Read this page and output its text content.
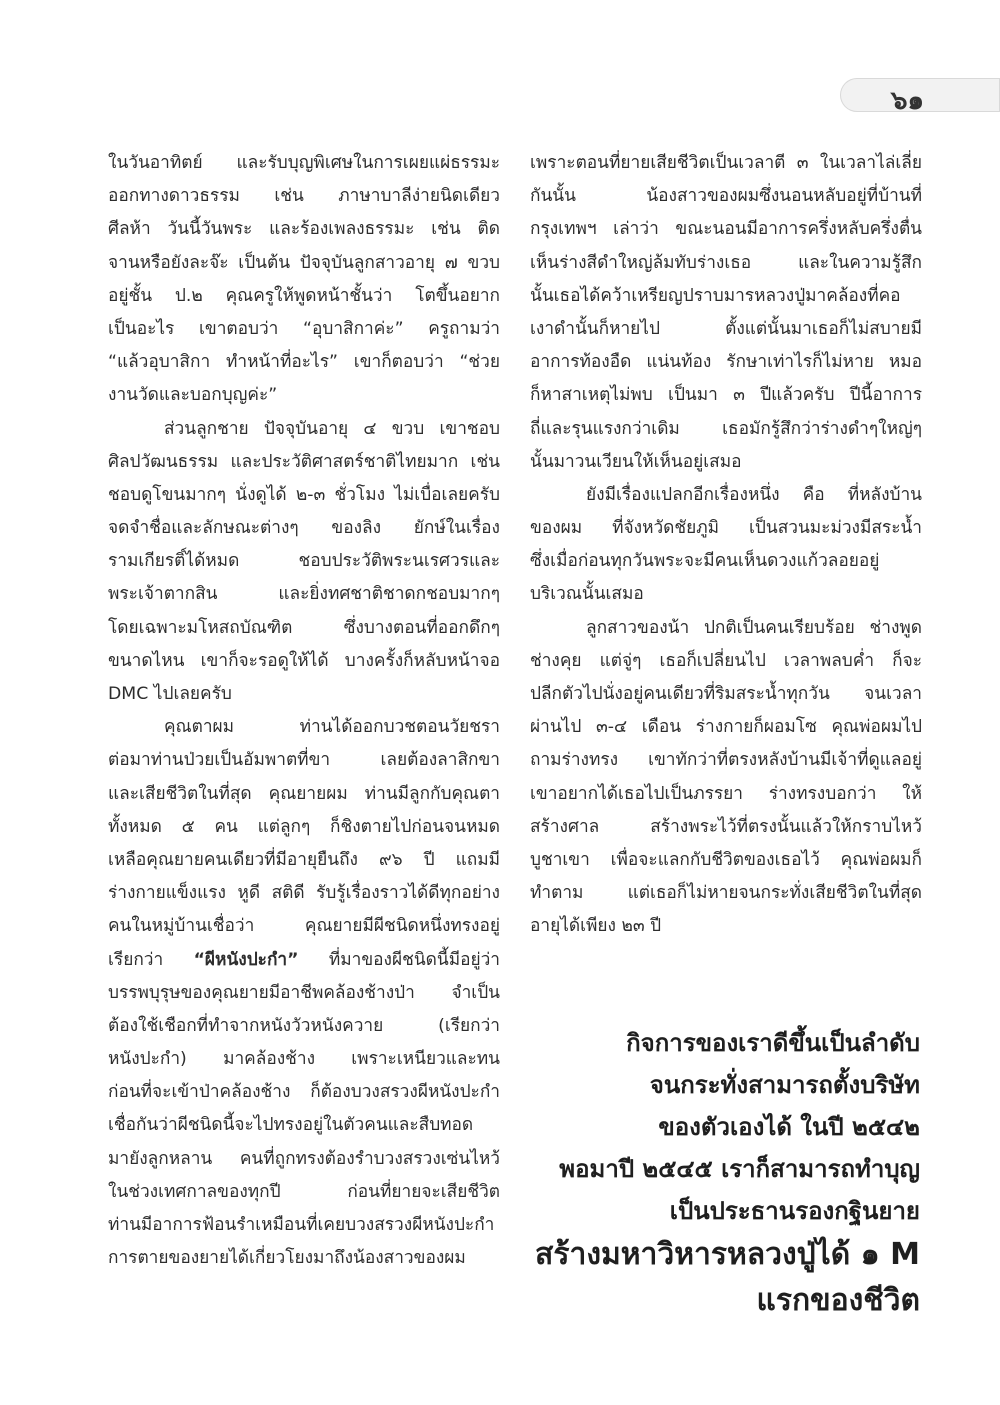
๖๑
ในวันอาทิตย์ และรับบุญพิเศษในการเผยแผ่ธรรมะ
ออกทางดาวธรรม เช่น ภาษาบาลีง่ายนิดเดียว
ศีลห้า วันนี้วันพระ และร้องเพลงธรรมะ เช่น ติด
จานหรือยังละจ๊ะ เป็นต้น ปัจจุบันลูกสาวอายุ ๗ ขวบ
อยู่ชั้น ป.๒ คุณครูให้พูดหน้าชั้นว่า โตขึ้นอยาก
เป็นอะไร เขาตอบว่า “อุบาสิกาค่ะ” ครูถามว่า
“แล้วอุบาสิกา ทำหน้าที่อะไร” เขาก็ตอบว่า “ช่วย
งานวัดและบอกบุญค่ะ”
ส่วนลูกชาย ปัจจุบันอายุ ๔ ขวบ เขาชอบ
ศิลปวัฒนธรรม และประวัติศาสตร์ชาติไทยมาก เช่น
ชอบดูโขนมากๆ นั่งดูได้ ๒-๓ ชั่วโมง ไม่เบื่อเลยครับ
จดจำชื่อและลักษณะต่างๆ ของลิง ยักษ์ในเรื่อง
รามเกียรติ์ได้หมด ชอบประวัติพระนเรศวรและ
พระเจ้าตากสิน และยิ่งทศชาติชาดกชอบมากๆ
โดยเฉพาะมโหสถบัณฑิต ซึ่งบางตอนที่ออกดึกๆ
ขนาดไหน เขาก็จะรอดูให้ได้ บางครั้งก็หลับหน้าจอ
DMC ไปเลยครับ
คุณตาผม ท่านได้ออกบวชตอนวัยชรา
ต่อมาท่านป่วยเป็นอัมพาตที่ขา เลยต้องลาสิกขา
และเสียชีวิตในที่สุด คุณยายผม ท่านมีลูกกับคุณตา
ทั้งหมด ๕ คน แต่ลูกๆ ก็ชิงตายไปก่อนจนหมด
เหลือคุณยายคนเดียวที่มีอายุยืนถึง ๙๖ ปี แถมมี
ร่างกายแข็งแรง หูดี สติดี รับรู้เรื่องราวได้ดีทุกอย่าง
คนในหมู่บ้านเชื่อว่า คุณยายมีผีชนิดหนึ่งทรงอยู่
เรียกว่า “ผีหนังปะกำ” ที่มาของผีชนิดนี้มีอยู่ว่า
บรรพบุรุษของคุณยายมีอาชีพคล้องช้างป่า จำเป็น
ต้องใช้เชือกที่ทำจากหนังวัวหนังควาย (เรียกว่า
หนังปะกำ) มาคล้องช้าง เพราะเหนียวและทน
ก่อนที่จะเข้าป่าคล้องช้าง ก็ต้องบวงสรวงผีหนังปะกำ
เชื่อกันว่าผีชนิดนี้จะไปทรงอยู่ในตัวคนและสืบทอด
มายังลูกหลาน คนที่ถูกทรงต้องรำบวงสรวงเซ่นไหว้
ในช่วงเทศกาลของทุกปี ก่อนที่ยายจะเสียชีวิต
ท่านมีอาการฟ้อนรำเหมือนที่เคยบวงสรวงผีหนังปะกำ
การตายของยายได้เกี่ยวโยงมาถึงน้องสาวของผม
เพราะตอนที่ยายเสียชีวิตเป็นเวลาตี ๓ ในเวลาไล่เลี่ย
กันนั้น น้องสาวของผมซึ่งนอนหลับอยู่ที่บ้านที่
กรุงเทพฯ เล่าว่า ขณะนอนมีอาการครึ่งหลับครึ่งตื่น
เห็นร่างสีดำใหญ่ล้มทับร่างเธอ และในความรู้สึก
นั้นเธอได้คว้าเหรียญปราบมารหลวงปู่มาคล้องที่คอ
เงาดำนั้นก็หายไป ตั้งแต่นั้นมาเธอก็ไม่สบายมี
อาการท้องอืด แน่นท้อง รักษาเท่าไรก็ไม่หาย หมอ
ก็หาสาเหตุไม่พบ เป็นมา ๓ ปีแล้วครับ ปีนี้อาการ
ถี่และรุนแรงกว่าเดิม เธอมักรู้สึกว่าร่างดำๆใหญ่ๆ
นั้นมาวนเวียนให้เห็นอยู่เสมอ
ยังมีเรื่องแปลกอีกเรื่องหนึ่ง คือ ที่หลังบ้าน
ของผม ที่จังหวัดชัยภูมิ เป็นสวนมะม่วงมีสระน้ำ
ซึ่งเมื่อก่อนทุกวันพระจะมีคนเห็นดวงแก้วลอยอยู่
บริเวณนั้นเสมอ
ลูกสาวของน้า ปกติเป็นคนเรียบร้อย ช่างพูด
ช่างคุย แต่จู่ๆ เธอก็เปลี่ยนไป เวลาพลบค่ำ ก็จะ
ปลีกตัวไปนั่งอยู่คนเดียวที่ริมสระน้ำทุกวัน จนเวลา
ผ่านไป ๓-๔ เดือน ร่างกายก็ผอมโซ คุณพ่อผมไป
ถามร่างทรง เขาทักว่าที่ตรงหลังบ้านมีเจ้าที่ดูแลอยู่
เขาอยากได้เธอไปเป็นภรรยา ร่างทรงบอกว่า ให้
สร้างศาล สร้างพระไว้ที่ตรงนั้นแล้วให้กราบไหว้
บูชาเขา เพื่อจะแลกกับชีวิตของเธอไว้ คุณพ่อผมก็
ทำตาม แต่เธอก็ไม่หายจนกระทั่งเสียชีวิตในที่สุด
อายุได้เพียง ๒๓ ปี
กิจการของเราดีขึ้นเป็นลำดับ
จนกระทั่งสามารถตั้งบริษัท
ของตัวเองได้ ในปี ๒๕๔๒
พอมาปี ๒๕๔๕ เราก็สามารถทำบุญ
เป็นประธานรองกฐินยาย
สร้างมหาวิหารหลวงปู่ได้ ๑ M
แรกของชีวิต
